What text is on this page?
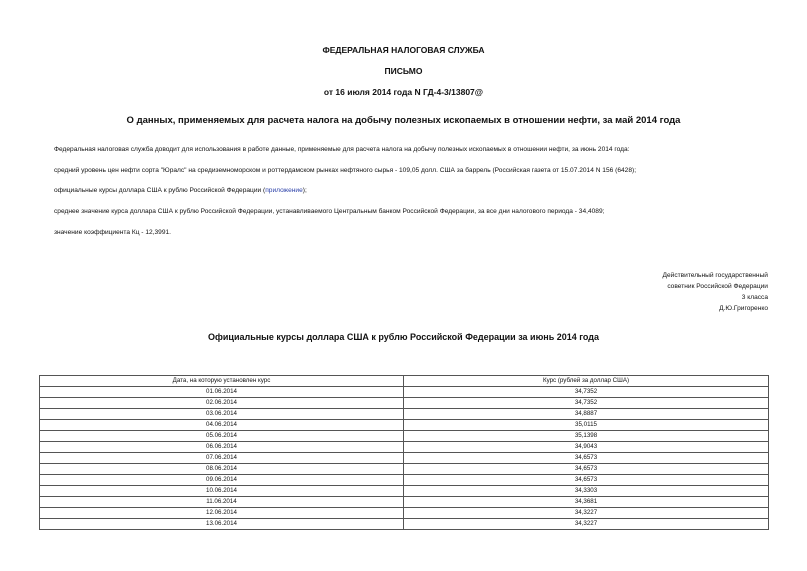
ФЕДЕРАЛЬНАЯ НАЛОГОВАЯ СЛУЖБА
ПИСЬМО
от 16 июля 2014 года N ГД-4-3/13807@
О данных, применяемых для расчета налога на добычу полезных ископаемых в отношении нефти, за май 2014 года
Федеральная налоговая служба доводит для использования в работе данные, применяемые для расчета налога на добычу полезных ископаемых в отношении нефти, за июнь 2014 года:
средний уровень цен нефти сорта "Юралс" на средиземноморском и роттердамском рынках нефтяного сырья - 109,05 долл. США за баррель (Российская газета от 15.07.2014 N 156 (6428);
официальные курсы доллара США к рублю Российской Федерации (приложение);
среднее значение курса доллара США к рублю Российской Федерации, устанавливаемого Центральным банком Российской Федерации, за все дни налогового периода - 34,4089;
значение коэффициента Кц - 12,3991.
Действительный государственный
советник Российской Федерации
3 класса
Д.Ю.Григоренко
Официальные курсы доллара США к рублю Российской Федерации за июнь 2014 года
Дата, на которую установлен курс	Курс (рублей за доллар США)
01.06.2014	34,7352
02.06.2014	34,7352
03.06.2014	34,8887
04.06.2014	35,0115
05.06.2014	35,1398
06.06.2014	34,9043
07.06.2014	34,6573
08.06.2014	34,6573
09.06.2014	34,6573
10.06.2014	34,3303
11.06.2014	34,3681
12.06.2014	34,3227
13.06.2014	34,3227
